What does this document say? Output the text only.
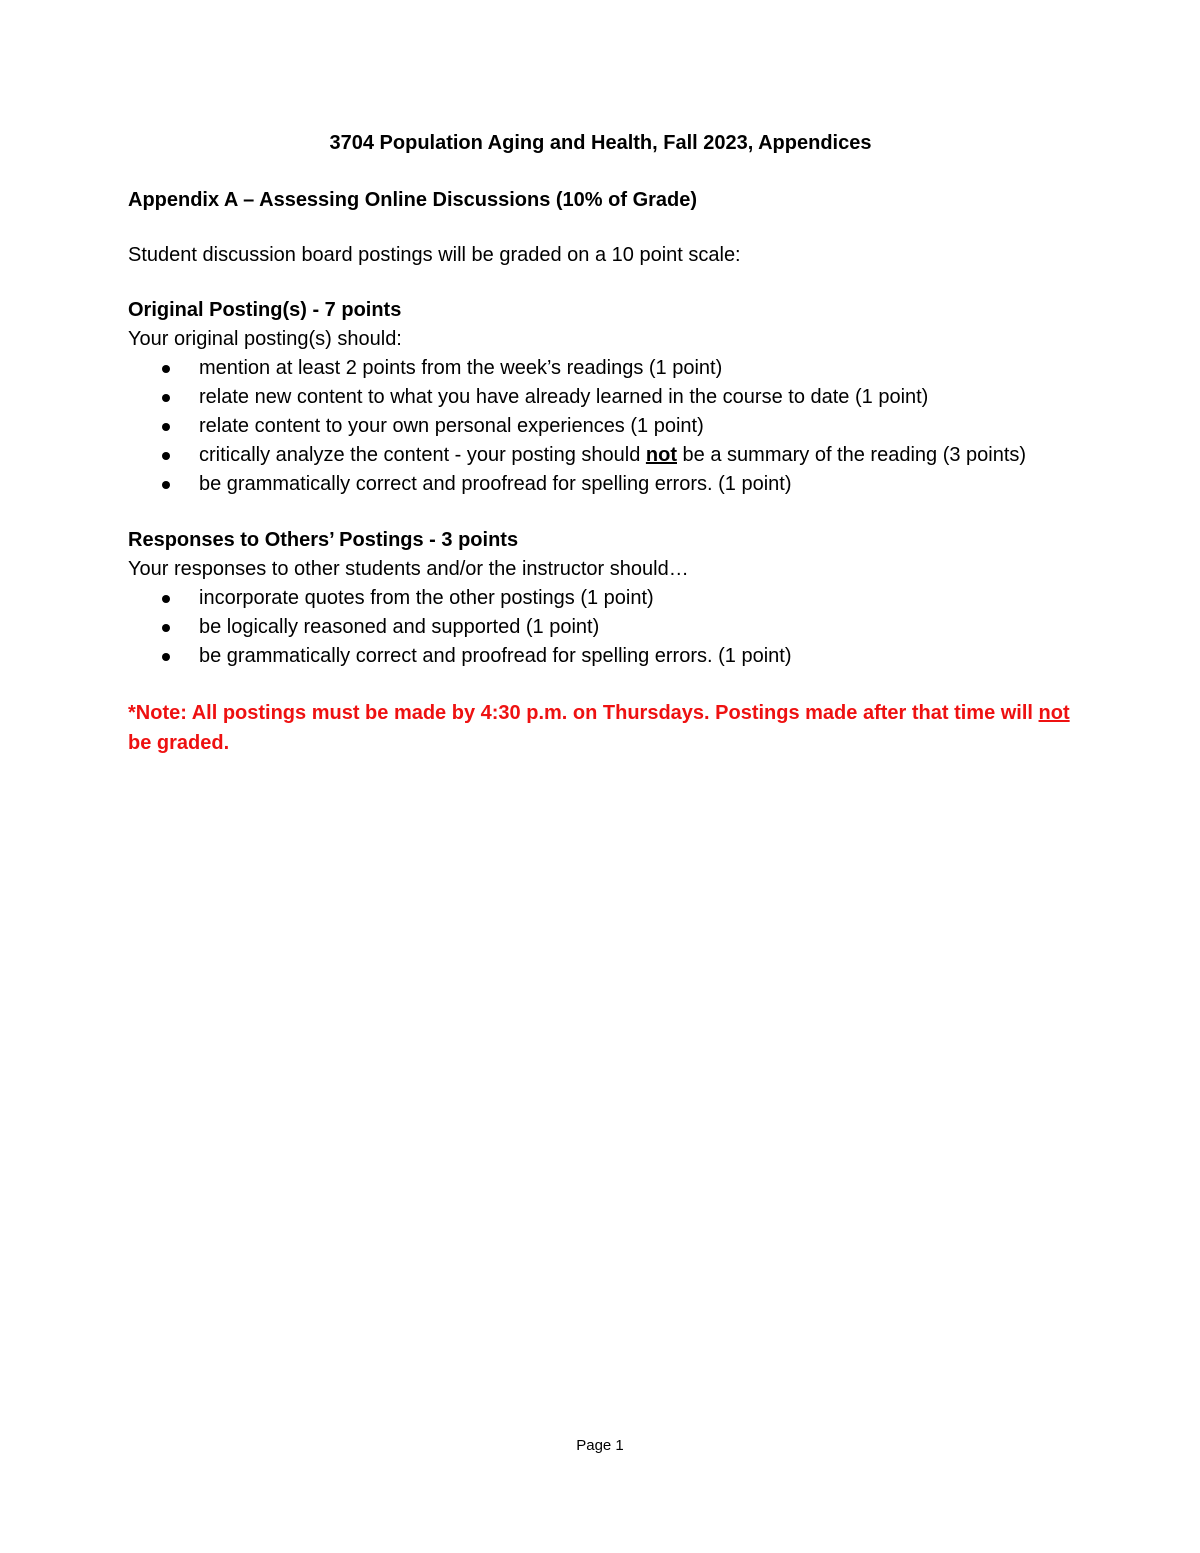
3704 Population Aging and Health, Fall 2023, Appendices

Appendix A – Assessing Online Discussions (10% of Grade)

Student discussion board postings will be graded on a 10 point scale:

Original Posting(s) - 7 points

Your original posting(s) should:

mention at least 2 points from the week’s readings (1 point)
relate new content to what you have already learned in the course to date (1 point)
relate content to your own personal experiences (1 point)
critically analyze the content - your posting should not be a summary of the reading (3 points)
be grammatically correct and proofread for spelling errors. (1 point)

Responses to Others’ Postings - 3 points

Your responses to other students and/or the instructor should…

incorporate quotes from the other postings (1 point)
be logically reasoned and supported (1 point)
be grammatically correct and proofread for spelling errors. (1 point)

*Note: All postings must be made by 4:30 p.m. on Thursdays. Postings made after that time will not be graded.

Page 1
